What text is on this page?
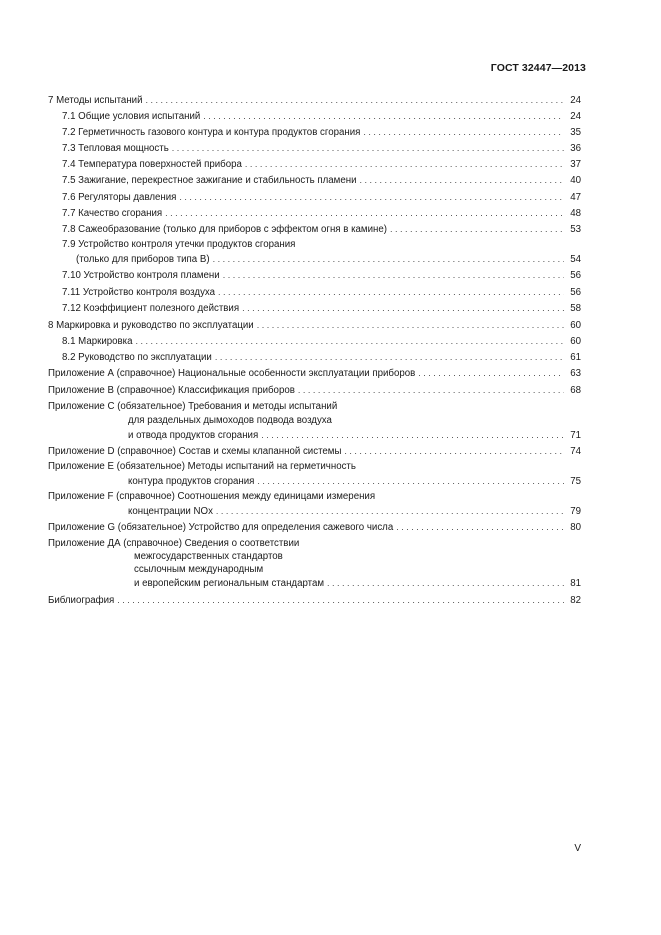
ГОСТ 32447—2013
7 Методы испытаний . . .	24
7.1 Общие условия испытаний . . .	24
7.2 Герметичность газового контура и контура продуктов сгорания . . .	35
7.3 Тепловая мощность . . .	36
7.4 Температура поверхностей прибора . . .	37
7.5 Зажигание, перекрестное зажигание и стабильность пламени . . .	40
7.6 Регуляторы давления . . .	47
7.7 Качество сгорания . . .	48
7.8 Сажеобразование (только для приборов с эффектом огня в камине) . . .	53
7.9 Устройство контроля утечки продуктов сгорания
(только для приборов типа В) . . .	54
7.10 Устройство контроля пламени . . .	56
7.11 Устройство контроля воздуха . . .	56
7.12 Коэффициент полезного действия . . .	58
8 Маркировка и руководство по эксплуатации . . .	60
8.1 Маркировка . . .	60
8.2 Руководство по эксплуатации . . .	61
Приложение А (справочное) Национальные особенности эксплуатации приборов . . .	63
Приложение В (справочное) Классификация приборов . . .	68
Приложение С (обязательное) Требования и методы испытаний
для раздельных дымоходов подвода воздуха
и отвода продуктов сгорания . . .	71
Приложение D (справочное) Состав и схемы клапанной системы . . .	74
Приложение Е (обязательное) Методы испытаний на герметичность
контура продуктов сгорания . . .	75
Приложение F (справочное) Соотношения между единицами измерения
концентрации NOx . . .	79
Приложение G (обязательное) Устройство для определения сажевого числа . . .	80
Приложение ДА (справочное) Сведения о соответствии
межгосударственных стандартов
ссылочным международным
и европейским региональным стандартам . . .	81
Библиография . . .	82
V
